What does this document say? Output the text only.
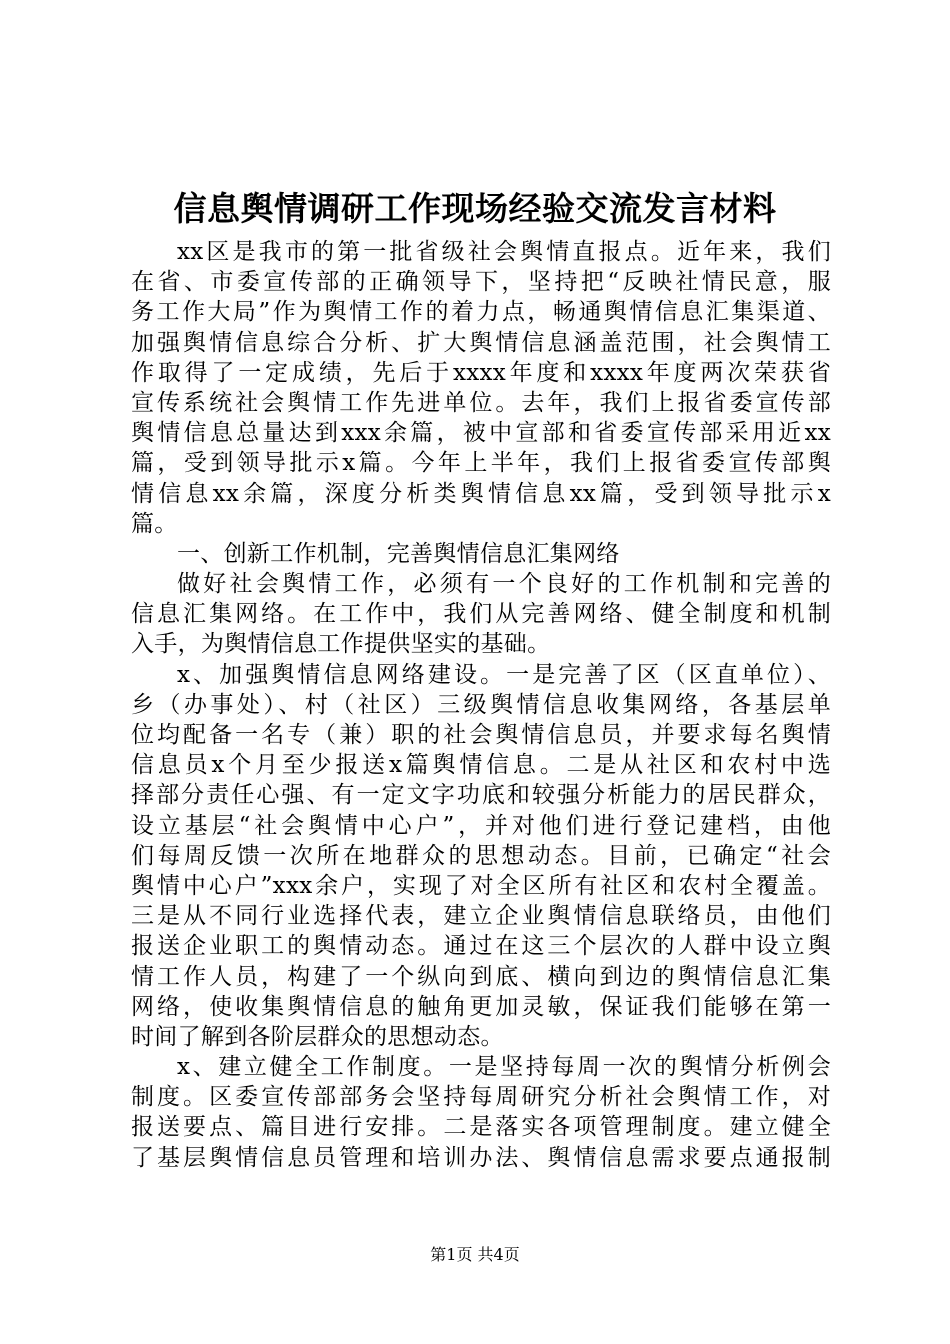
信息舆情调研工作现场经验交流发言材料
xx区是我市的第一批省级社会舆情直报点。近年来，我们
在省、市委宣传部的正确领导下，坚持把“反映社情民意，服
务工作大局”作为舆情工作的着力点，畅通舆情信息汇集渠道、
加强舆情信息综合分析、扩大舆情信息涵盖范围，社会舆情工
作取得了一定成绩，先后于xxxx年度和xxxx年度两次荣获省
宣传系统社会舆情工作先进单位。去年，我们上报省委宣传部
舆情信息总量达到xxx余篇，被中宣部和省委宣传部采用近xx
篇，受到领导批示x篇。今年上半年，我们上报省委宣传部舆
情信息xx余篇，深度分析类舆情信息xx篇，受到领导批示x
篇。
一、创新工作机制，完善舆情信息汇集网络
做好社会舆情工作，必须有一个良好的工作机制和完善的
信息汇集网络。在工作中，我们从完善网络、健全制度和机制
入手，为舆情信息工作提供坚实的基础。
x、加强舆情信息网络建设。一是完善了区（区直单位）、
乡（办事处）、村（社区）三级舆情信息收集网络，各基层单
位均配备一名专（兼）职的社会舆情信息员，并要求每名舆情
信息员x个月至少报送x篇舆情信息。二是从社区和农村中选
择部分责任心强、有一定文字功底和较强分析能力的居民群众，
设立基层“社会舆情中心户”，并对他们进行登记建档，由他
们每周反馈一次所在地群众的思想动态。目前，已确定“社会
舆情中心户”xxx余户，实现了对全区所有社区和农村全覆盖。
三是从不同行业选择代表，建立企业舆情信息联络员，由他们
报送企业职工的舆情动态。通过在这三个层次的人群中设立舆
情工作人员，构建了一个纵向到底、横向到边的舆情信息汇集
网络，使收集舆情信息的触角更加灵敏，保证我们能够在第一
时间了解到各阶层群众的思想动态。
x、建立健全工作制度。一是坚持每周一次的舆情分析例会
制度。区委宣传部部务会坚持每周研究分析社会舆情工作，对
报送要点、篇目进行安排。二是落实各项管理制度。建立健全
了基层舆情信息员管理和培训办法、舆情信息需求要点通报制
第1页 共4页
